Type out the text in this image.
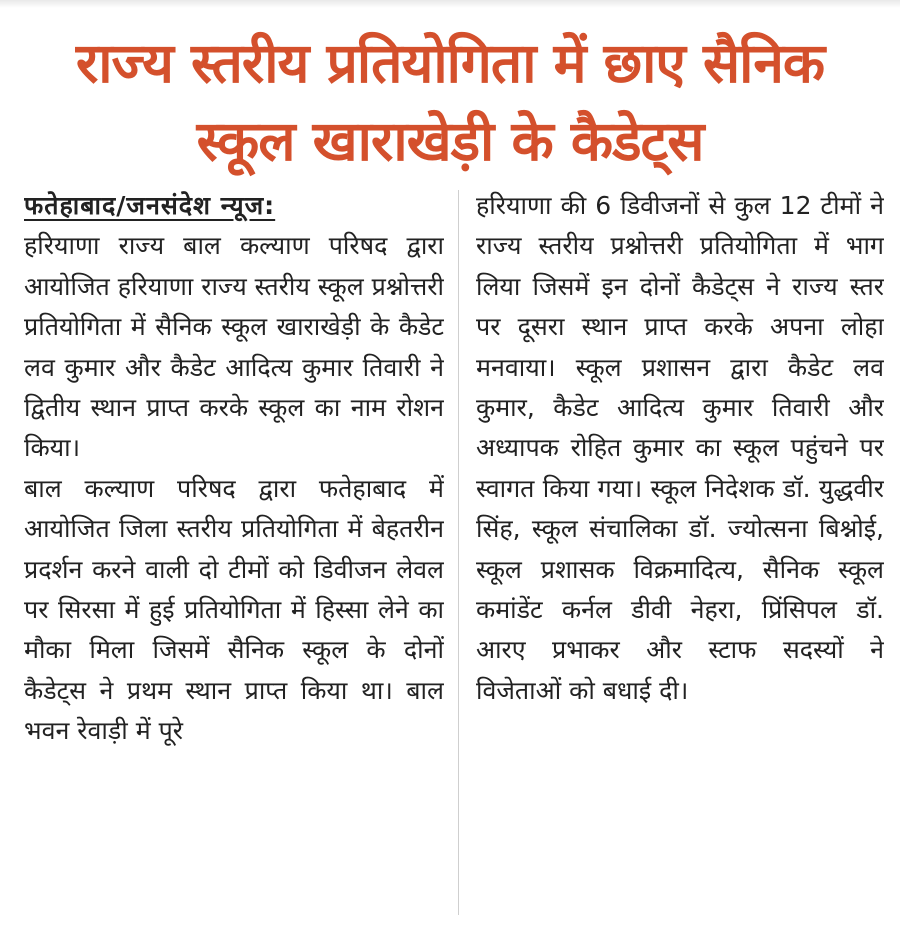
राज्य स्तरीय प्रतियोगिता में छाए सैनिक
स्कूल खाराखेड़ी के कैडेट्स

फतेहाबाद/जनसंदेश न्यूज:

हरियाणा राज्य बाल कल्याण परिषद द्वारा आयोजित हरियाणा राज्य स्तरीय स्कूल प्रश्नोत्तरी प्रतियोगिता में सैनिक स्कूल खाराखेड़ी के कैडेट लव कुमार और कैडेट आदित्य कुमार तिवारी ने द्वितीय स्थान प्राप्त करके स्कूल का नाम रोशन किया।

बाल कल्याण परिषद द्वारा फतेहाबाद में आयोजित जिला स्तरीय प्रतियोगिता में बेहतरीन प्रदर्शन करने वाली दो टीमों को डिवीजन लेवल पर सिरसा में हुई प्रतियोगिता में हिस्सा लेने का मौका मिला जिसमें सैनिक स्कूल के दोनों कैडेट्स ने प्रथम स्थान प्राप्त किया था। बाल भवन रेवाड़ी में पूरे

हरियाणा की 6 डिवीजनों से कुल 12 टीमों ने राज्य स्तरीय प्रश्नोत्तरी प्रतियोगिता में भाग लिया जिसमें इन दोनों कैडेट्स ने राज्य स्तर पर दूसरा स्थान प्राप्त करके अपना लोहा मनवाया। स्कूल प्रशासन द्वारा कैडेट लव कुमार, कैडेट आदित्य कुमार तिवारी और अध्यापक रोहित कुमार का स्कूल पहुंचने पर स्वागत किया गया। स्कूल निदेशक डॉ. युद्धवीर सिंह, स्कूल संचालिका डॉ. ज्योत्सना बिश्नोई, स्कूल प्रशासक विक्रमादित्य, सैनिक स्कूल कमांडेंट कर्नल डीवी नेहरा, प्रिंसिपल डॉ. आरए प्रभाकर और स्टाफ सदस्यों ने विजेताओं को बधाई दी।
